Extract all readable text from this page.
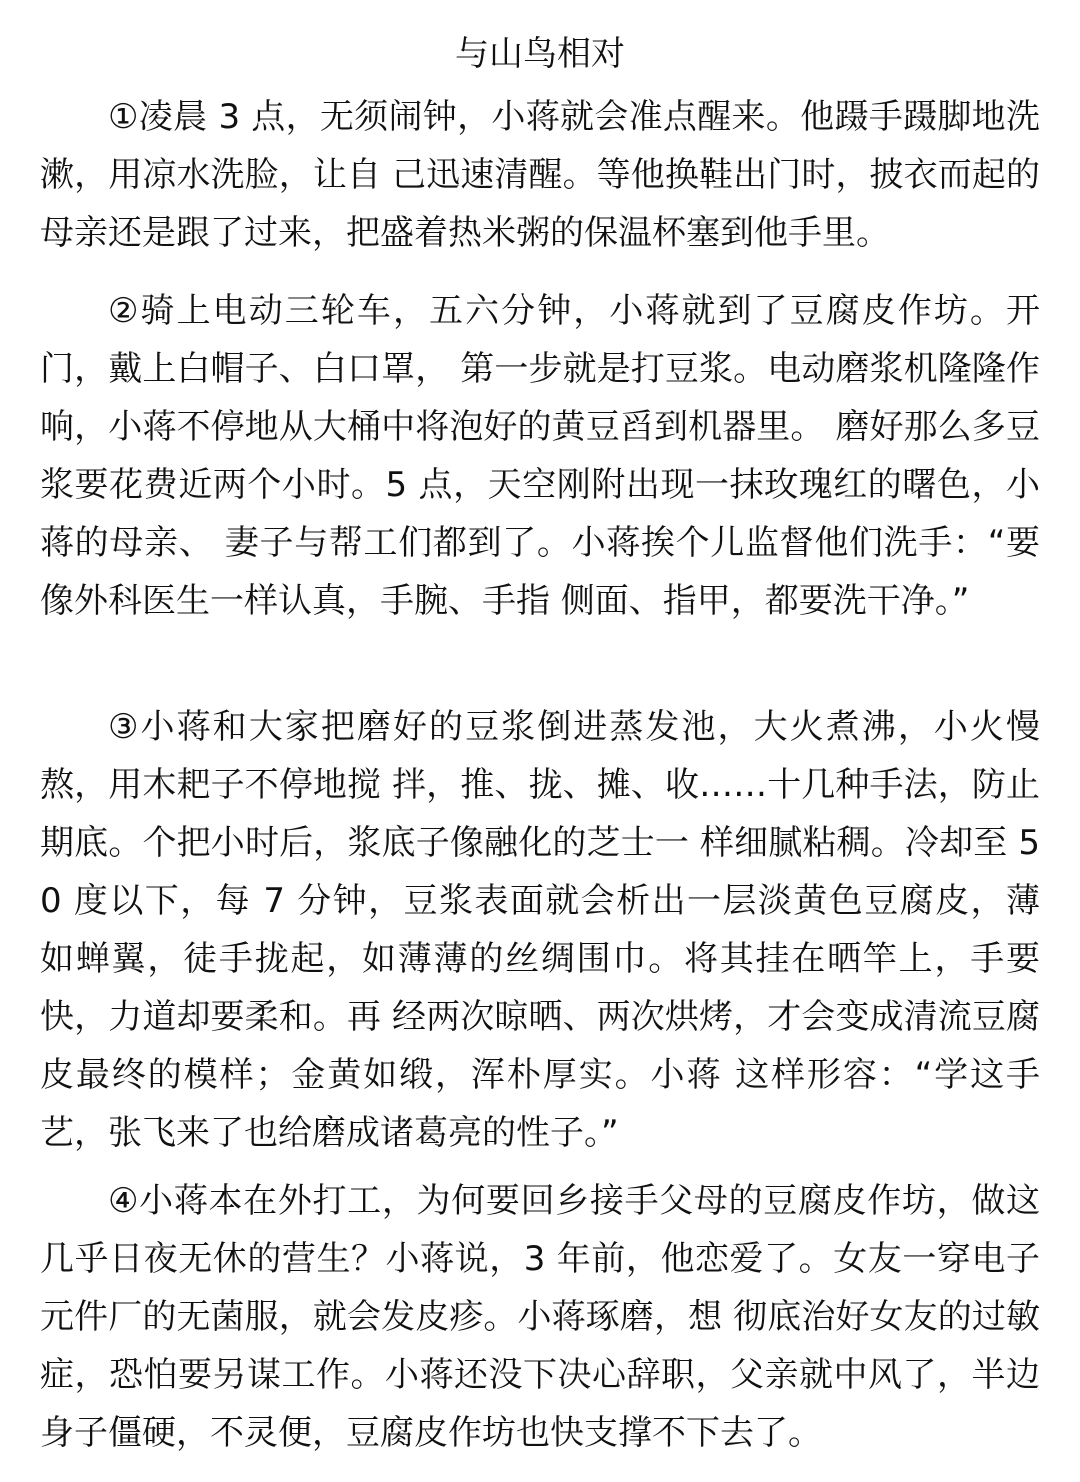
与山鸟相对

①凌晨 3 点，无须闹钟，小蒋就会准点醒来。他蹑手蹑脚地洗漱，用凉水洗脸，让自 己迅速清醒。等他换鞋出门时，披衣而起的母亲还是跟了过来，把盛着热米粥的保温杯塞到他手里。

②骑上电动三轮车，五六分钟，小蒋就到了豆腐皮作坊。开门，戴上白帽子、白口罩， 第一步就是打豆浆。电动磨浆机隆隆作响，小蒋不停地从大桶中将泡好的黄豆舀到机器里。 磨好那么多豆浆要花费近两个小时。5 点，天空刚附出现一抹玫瑰红的曙色，小蒋的母亲、 妻子与帮工们都到了。小蒋挨个儿监督他们洗手：“要像外科医生一样认真，手腕、手指 侧面、指甲，都要洗干净。”

③小蒋和大家把磨好的豆浆倒进蒸发池，大火煮沸，小火慢熬，用木耙子不停地搅 拌，推、拢、摊、收……十几种手法，防止期底。个把小时后，浆底子像融化的芝士一 样细腻粘稠。冷却至 50 度以下，每 7 分钟，豆浆表面就会析出一层淡黄色豆腐皮，薄 如蝉翼，徒手拢起，如薄薄的丝绸围巾。将其挂在晒竿上，手要快，力道却要柔和。再 经两次晾晒、两次烘烤，才会变成清流豆腐皮最终的模样；金黄如缎，浑朴厚实。小蒋 这样形容：“学这手艺，张飞来了也给磨成诸葛亮的性子。”

④小蒋本在外打工，为何要回乡接手父母的豆腐皮作坊，做这几乎日夜无休的营生？小蒋说，3 年前，他恋爱了。女友一穿电子元件厂的无菌服，就会发皮疹。小蒋琢磨，想 彻底治好女友的过敏症，恐怕要另谋工作。小蒋还没下决心辞职，父亲就中风了，半边身子僵硬，不灵便，豆腐皮作坊也快支撑不下去了。
